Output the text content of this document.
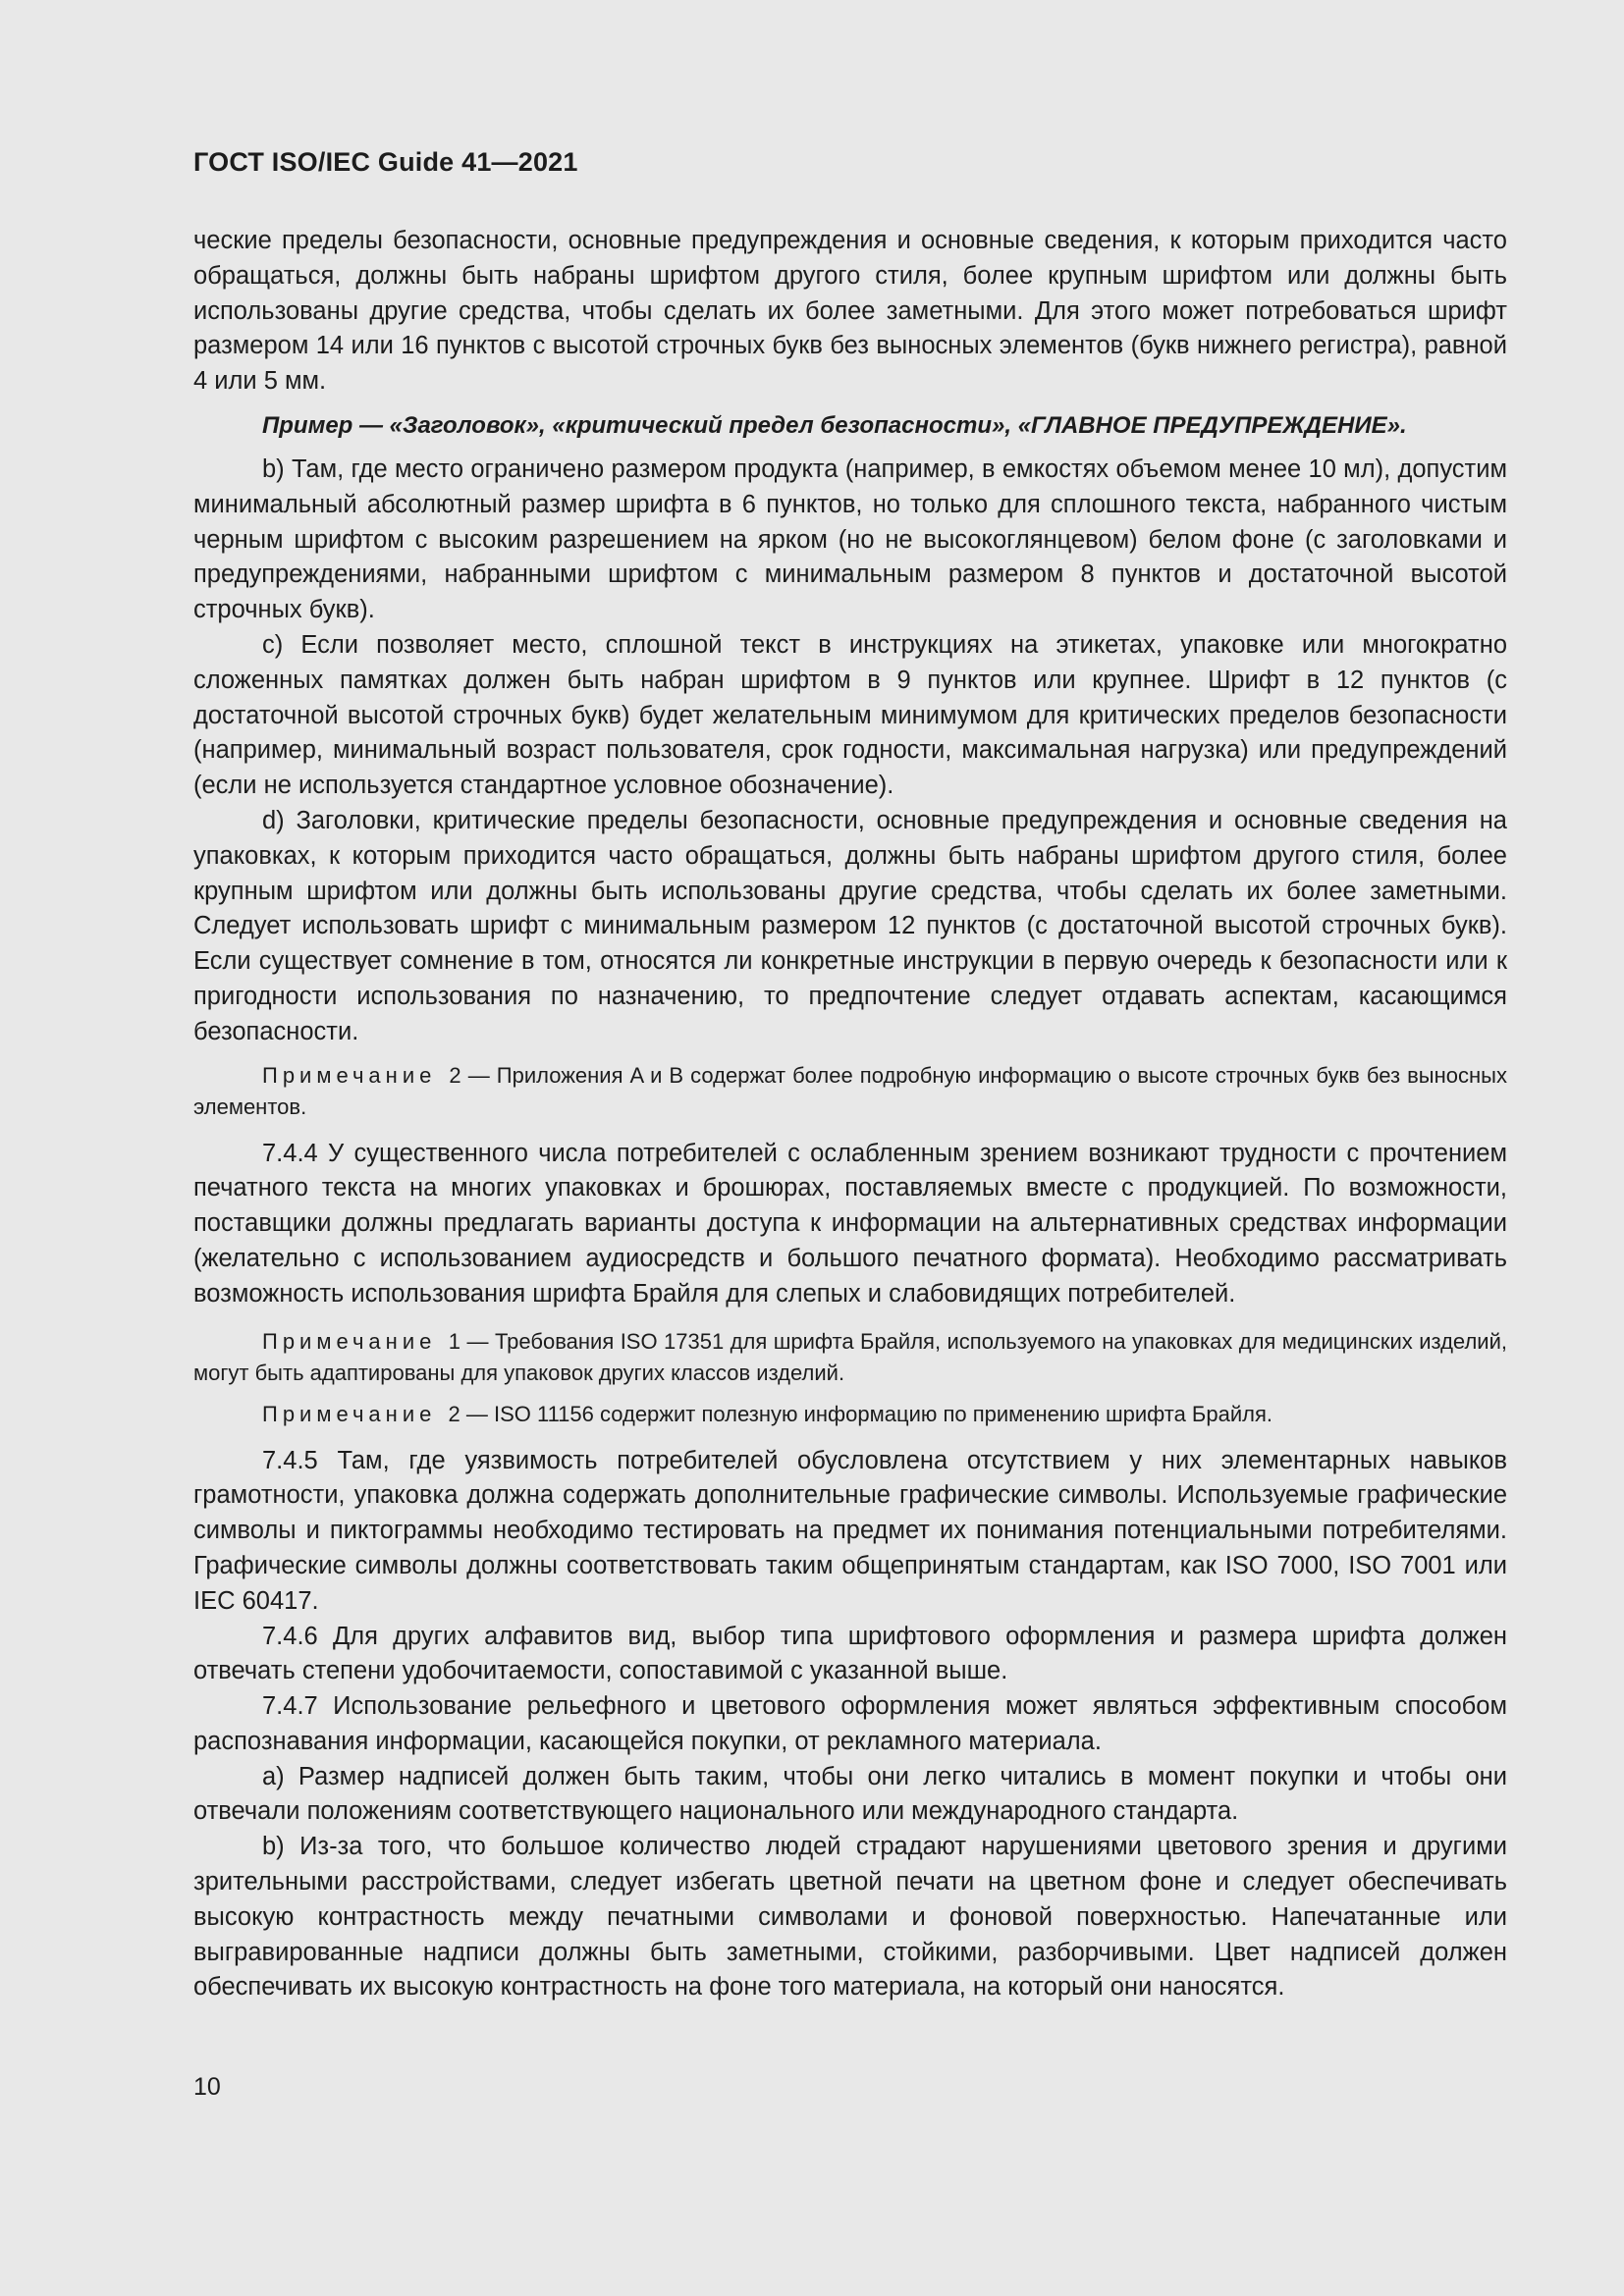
ГОСТ ISO/IEC Guide 41—2021

ческие пределы безопасности, основные предупреждения и основные сведения, к которым приходится часто обращаться, должны быть набраны шрифтом другого стиля, более крупным шрифтом или должны быть использованы другие средства, чтобы сделать их более заметными. Для этого может потребоваться шрифт размером 14 или 16 пунктов с высотой строчных букв без выносных элементов (букв нижнего регистра), равной 4 или 5 мм.

Пример — «Заголовок», «критический предел безопасности», «ГЛАВНОЕ ПРЕДУПРЕЖДЕНИЕ».

b) Там, где место ограничено размером продукта (например, в емкостях объемом менее 10 мл), допустим минимальный абсолютный размер шрифта в 6 пунктов, но только для сплошного текста, набранного чистым черным шрифтом с высоким разрешением на ярком (но не высокоглянцевом) белом фоне (с заголовками и предупреждениями, набранными шрифтом с минимальным размером 8 пунктов и достаточной высотой строчных букв).

c) Если позволяет место, сплошной текст в инструкциях на этикетах, упаковке или многократно сложенных памятках должен быть набран шрифтом в 9 пунктов или крупнее. Шрифт в 12 пунктов (с достаточной высотой строчных букв) будет желательным минимумом для критических пределов безопасности (например, минимальный возраст пользователя, срок годности, максимальная нагрузка) или предупреждений (если не используется стандартное условное обозначение).

d) Заголовки, критические пределы безопасности, основные предупреждения и основные сведения на упаковках, к которым приходится часто обращаться, должны быть набраны шрифтом другого стиля, более крупным шрифтом или должны быть использованы другие средства, чтобы сделать их более заметными. Следует использовать шрифт с минимальным размером 12 пунктов (с достаточной высотой строчных букв). Если существует сомнение в том, относятся ли конкретные инструкции в первую очередь к безопасности или к пригодности использования по назначению, то предпочтение следует отдавать аспектам, касающимся безопасности.

Примечание 2 — Приложения A и B содержат более подробную информацию о высоте строчных букв без выносных элементов.

7.4.4 У существенного числа потребителей с ослабленным зрением возникают трудности с прочтением печатного текста на многих упаковках и брошюрах, поставляемых вместе с продукцией. По возможности, поставщики должны предлагать варианты доступа к информации на альтернативных средствах информации (желательно с использованием аудиосредств и большого печатного формата). Необходимо рассматривать возможность использования шрифта Брайля для слепых и слабовидящих потребителей.

Примечание 1 — Требования ISO 17351 для шрифта Брайля, используемого на упаковках для медицинских изделий, могут быть адаптированы для упаковок других классов изделий.

Примечание 2 — ISO 11156 содержит полезную информацию по применению шрифта Брайля.

7.4.5 Там, где уязвимость потребителей обусловлена отсутствием у них элементарных навыков грамотности, упаковка должна содержать дополнительные графические символы. Используемые графические символы и пиктограммы необходимо тестировать на предмет их понимания потенциальными потребителями. Графические символы должны соответствовать таким общепринятым стандартам, как ISO 7000, ISO 7001 или IEC 60417.

7.4.6 Для других алфавитов вид, выбор типа шрифтового оформления и размера шрифта должен отвечать степени удобочитаемости, сопоставимой с указанной выше.

7.4.7 Использование рельефного и цветового оформления может являться эффективным способом распознавания информации, касающейся покупки, от рекламного материала.

a) Размер надписей должен быть таким, чтобы они легко читались в момент покупки и чтобы они отвечали положениям соответствующего национального или международного стандарта.

b) Из-за того, что большое количество людей страдают нарушениями цветового зрения и другими зрительными расстройствами, следует избегать цветной печати на цветном фоне и следует обеспечивать высокую контрастность между печатными символами и фоновой поверхностью. Напечатанные или выгравированные надписи должны быть заметными, стойкими, разборчивыми. Цвет надписей должен обеспечивать их высокую контрастность на фоне того материала, на который они наносятся.

10
